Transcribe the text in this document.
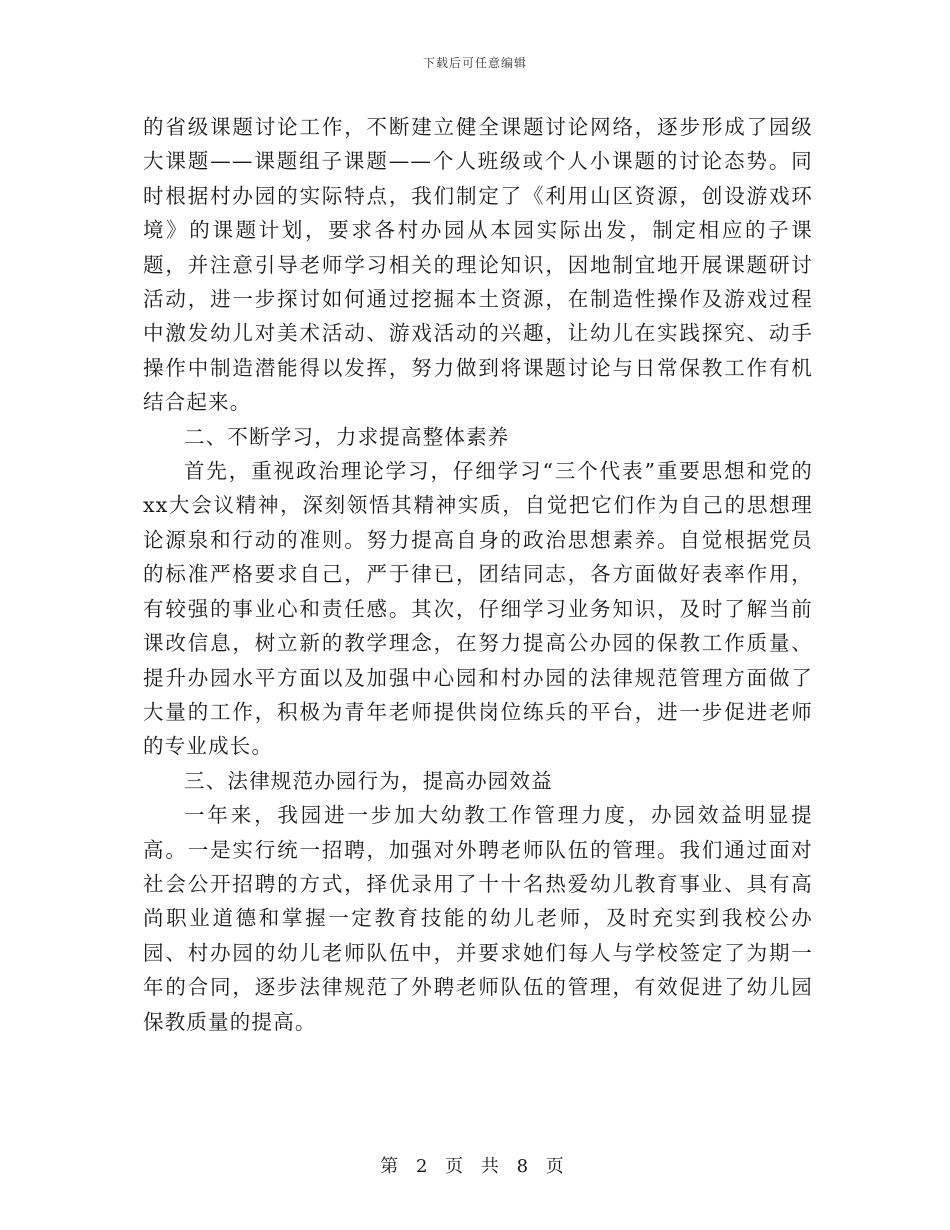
下载后可任意编辑

的省级课题讨论工作，不断建立健全课题讨论网络，逐步形成了园级大课题——课题组子课题——个人班级或个人小课题的讨论态势。同时根据村办园的实际特点，我们制定了《利用山区资源，创设游戏环境》的课题计划，要求各村办园从本园实际出发，制定相应的子课题，并注意引导老师学习相关的理论知识，因地制宜地开展课题研讨活动，进一步探讨如何通过挖掘本土资源，在制造性操作及游戏过程中激发幼儿对美术活动、游戏活动的兴趣，让幼儿在实践探究、动手操作中制造潜能得以发挥，努力做到将课题讨论与日常保教工作有机结合起来。

二、不断学习，力求提高整体素养

首先，重视政治理论学习，仔细学习“三个代表”重要思想和党的xx大会议精神，深刻领悟其精神实质，自觉把它们作为自己的思想理论源泉和行动的准则。努力提高自身的政治思想素养。自觉根据党员的标准严格要求自己，严于律已，团结同志，各方面做好表率作用，有较强的事业心和责任感。其次，仔细学习业务知识，及时了解当前课改信息，树立新的教学理念，在努力提高公办园的保教工作质量、提升办园水平方面以及加强中心园和村办园的法律规范管理方面做了大量的工作，积极为青年老师提供岗位练兵的平台，进一步促进老师的专业成长。

三、法律规范办园行为，提高办园效益

一年来，我园进一步加大幼教工作管理力度，办园效益明显提高。一是实行统一招聘，加强对外聘老师队伍的管理。我们通过面对社会公开招聘的方式，择优录用了十十名热爱幼儿教育事业、具有高尚职业道德和掌握一定教育技能的幼儿老师，及时充实到我校公办园、村办园的幼儿老师队伍中，并要求她们每人与学校签定了为期一年的合同，逐步法律规范了外聘老师队伍的管理，有效促进了幼儿园保教质量的提高。

第 2 页 共 8 页
